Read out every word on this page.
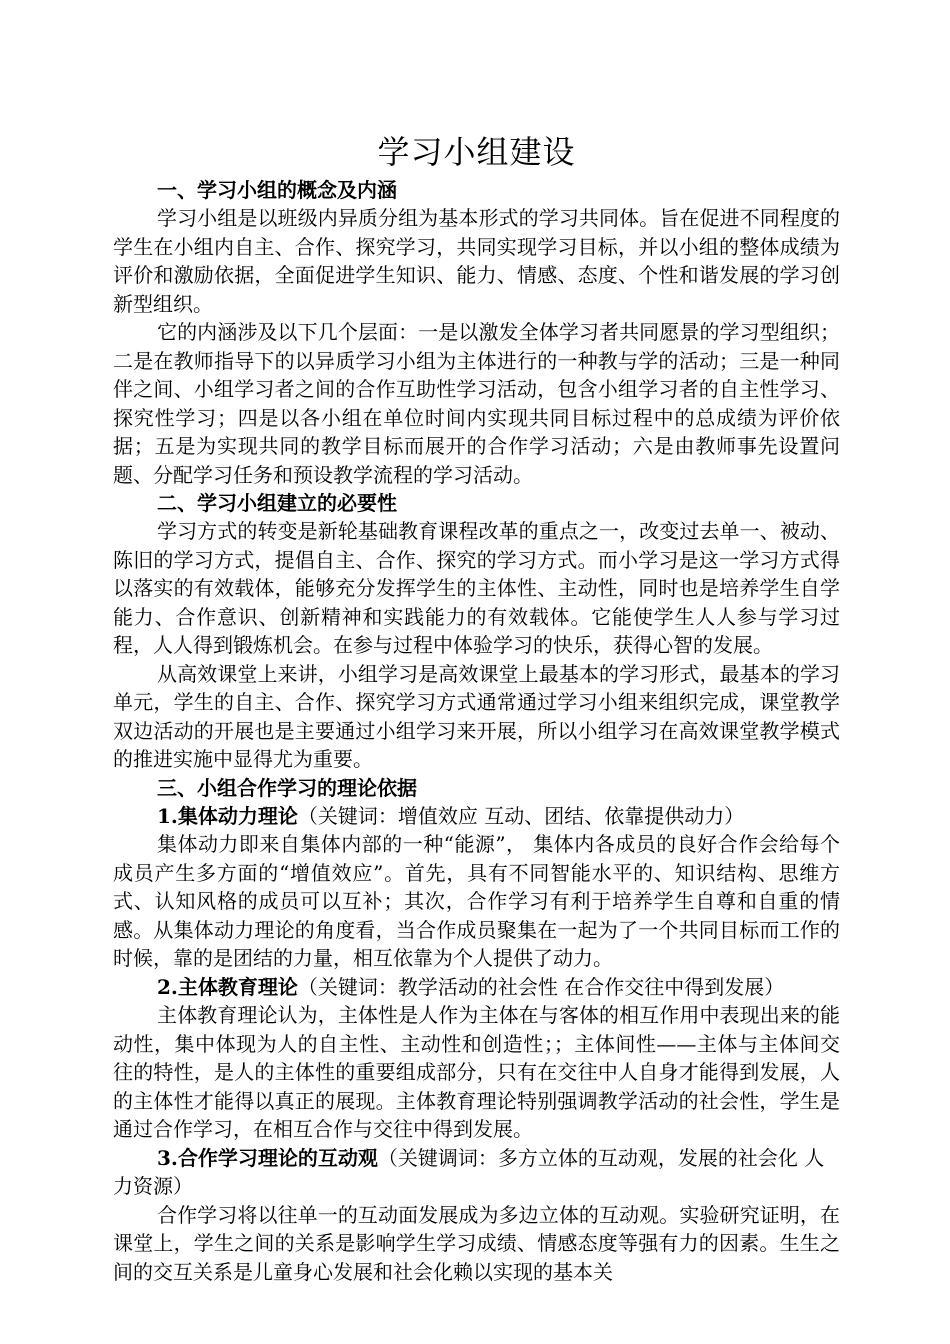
学习小组建设

一、学习小组的概念及内涵

学习小组是以班级内异质分组为基本形式的学习共同体。旨在促进不同程度的学生在小组内自主、合作、探究学习，共同实现学习目标，并以小组的整体成绩为评价和激励依据，全面促进学生知识、能力、情感、态度、个性和谐发展的学习创新型组织。

它的内涵涉及以下几个层面：一是以激发全体学习者共同愿景的学习型组织；二是在教师指导下的以异质学习小组为主体进行的一种教与学的活动；三是一种同伴之间、小组学习者之间的合作互助性学习活动，包含小组学习者的自主性学习、探究性学习；四是以各小组在单位时间内实现共同目标过程中的总成绩为评价依据；五是为实现共同的教学目标而展开的合作学习活动；六是由教师事先设置问题、分配学习任务和预设教学流程的学习活动。

二、学习小组建立的必要性

学习方式的转变是新轮基础教育课程改革的重点之一，改变过去单一、被动、陈旧的学习方式，提倡自主、合作、探究的学习方式。而小学习是这一学习方式得以落实的有效载体，能够充分发挥学生的主体性、主动性，同时也是培养学生自学能力、合作意识、创新精神和实践能力的有效载体。它能使学生人人参与学习过程，人人得到锻炼机会。在参与过程中体验学习的快乐，获得心智的发展。

从高效课堂上来讲，小组学习是高效课堂上最基本的学习形式，最基本的学习单元，学生的自主、合作、探究学习方式通常通过学习小组来组织完成，课堂教学双边活动的开展也是主要通过小组学习来开展，所以小组学习在高效课堂教学模式的推进实施中显得尤为重要。

三、小组合作学习的理论依据

1.集体动力理论（关键词：增值效应 互动、团结、依靠提供动力）

集体动力即来自集体内部的一种“能源”， 集体内各成员的良好合作会给每个成员产生多方面的“增值效应”。首先，具有不同智能水平的、知识结构、思维方式、认知风格的成员可以互补；其次，合作学习有利于培养学生自尊和自重的情感。从集体动力理论的角度看，当合作成员聚集在一起为了一个共同目标而工作的时候，靠的是团结的力量，相互依靠为个人提供了动力。

2.主体教育理论（关键词：教学活动的社会性 在合作交往中得到发展）

主体教育理论认为，主体性是人作为主体在与客体的相互作用中表现出来的能动性，集中体现为人的自主性、主动性和创造性；；主体间性——主体与主体间交往的特性，是人的主体性的重要组成部分，只有在交往中人自身才能得到发展，人的主体性才能得以真正的展现。主体教育理论特别强调教学活动的社会性，学生是通过合作学习，在相互合作与交往中得到发展。

3.合作学习理论的互动观（关键调词：多方立体的互动观，发展的社会化 人力资源）

合作学习将以往单一的互动面发展成为多边立体的互动观。实验研究证明，在课堂上，学生之间的关系是影响学生学习成绩、情感态度等强有力的因素。生生之间的交互关系是儿童身心发展和社会化赖以实现的基本关
